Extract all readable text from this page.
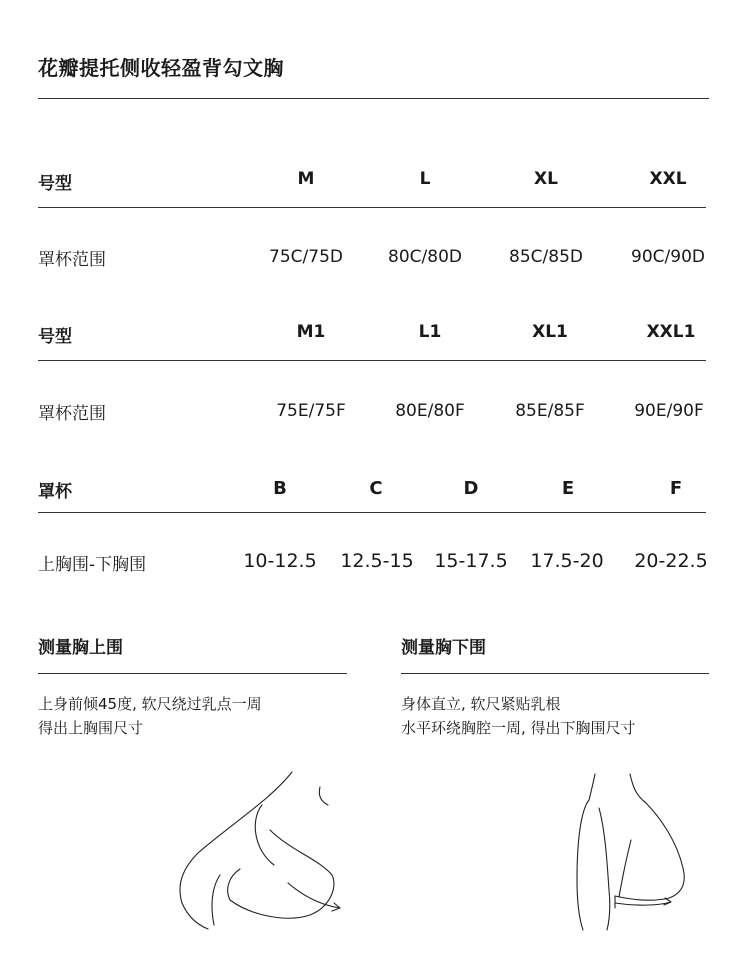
花瓣提托侧收轻盈背勾文胸
号型	M	L	XL	XXL
罩杯范围	75C/75D	80C/80D	85C/85D	90C/90D
号型	M1	L1	XL1	XXL1
罩杯范围	75E/75F	80E/80F	85E/85F	90E/90F
罩杯	B	C	D	E	F
上胸围-下胸围	10-12.5 12.5-15 15-17.5 17.5-20 20-22.5
测量胸上围
上身前倾45度, 软尺绕过乳点一周
得出上胸围尺寸
测量胸下围
身体直立, 软尺紧贴乳根
水平环绕胸腔一周, 得出下胸围尺寸
